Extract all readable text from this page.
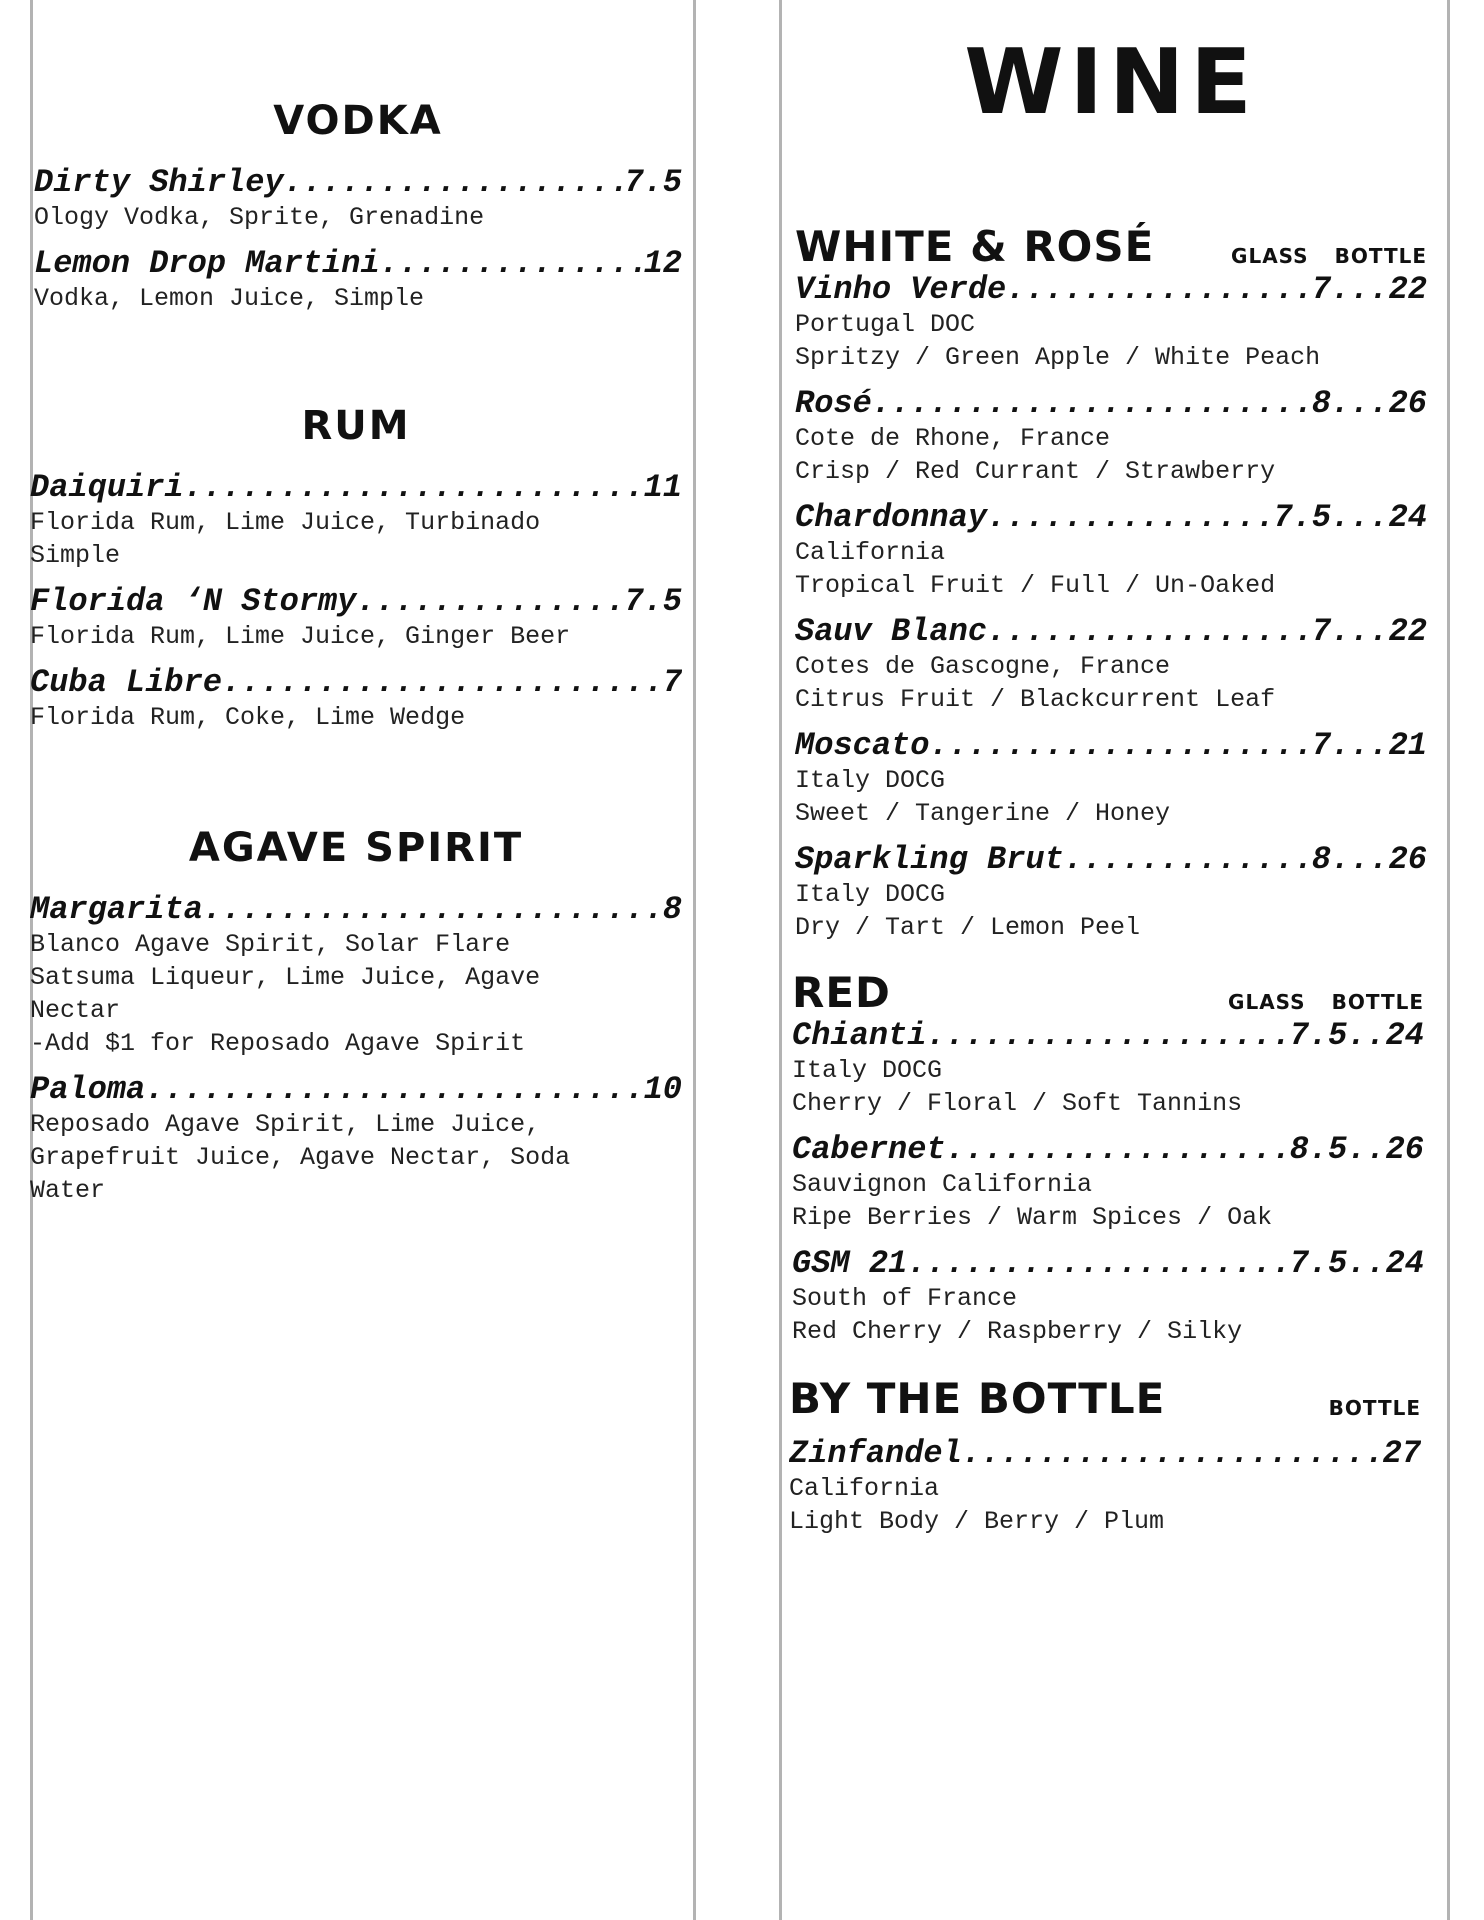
VODKA
Dirty Shirley .....	7.5
Ology Vodka, Sprite, Grenadine
Lemon Drop Martini .....	12
Vodka, Lemon Juice, Simple
RUM
Daiquiri .....	11
Florida Rum, Lime Juice, Turbinado
Simple
Florida ‘N Stormy .....	7.5
Florida Rum, Lime Juice, Ginger Beer
Cuba Libre .....	7
Florida Rum, Coke, Lime Wedge
AGAVE SPIRIT
Margarita .....	8
Blanco Agave Spirit, Solar Flare
Satsuma Liqueur, Lime Juice, Agave
Nectar
-Add $1 for Reposado Agave Spirit
Paloma .....	10
Reposado Agave Spirit, Lime Juice,
Grapefruit Juice, Agave Nectar, Soda
Water
WINE
WHITE & ROSÉ	GLASS BOTTLE
Vinho Verde .....	7...22
Portugal DOC
Spritzy / Green Apple / White Peach
Rosé .....	8...26
Cote de Rhone, France
Crisp / Red Currant / Strawberry
Chardonnay .....	7.5...24
California
Tropical Fruit / Full / Un-Oaked
Sauv Blanc .....	7...22
Cotes de Gascogne, France
Citrus Fruit / Blackcurrent Leaf
Moscato .....	7...21
Italy DOCG
Sweet / Tangerine / Honey
Sparkling Brut .....	8...26
Italy DOCG
Dry / Tart / Lemon Peel
RED	GLASS BOTTLE
Chianti .....	7.5..24
Italy DOCG
Cherry / Floral / Soft Tannins
Cabernet .....	8.5..26
Sauvignon California
Ripe Berries / Warm Spices / Oak
GSM 21 .....	7.5..24
South of France
Red Cherry / Raspberry / Silky
BY THE BOTTLE	BOTTLE
Zinfandel .....	27
California
Light Body / Berry / Plum
